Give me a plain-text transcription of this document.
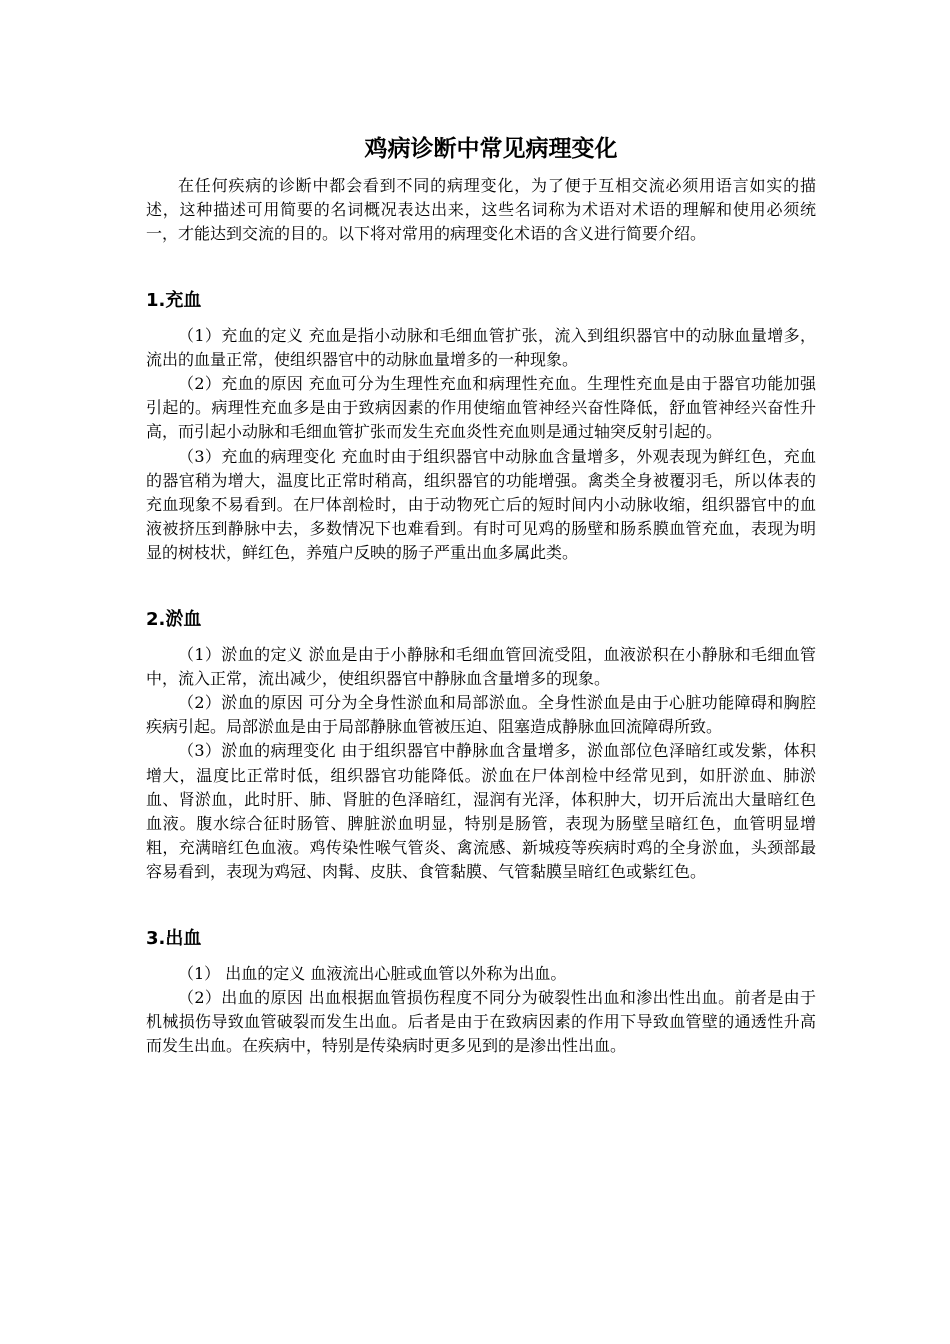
鸡病诊断中常见病理变化

在任何疾病的诊断中都会看到不同的病理变化，为了便于互相交流必须用语言如实的描述，这种描述可用简要的名词概况表达出来，这些名词称为术语对术语的理解和使用必须统一，才能达到交流的目的。以下将对常用的病理变化术语的含义进行简要介绍。

1.充血

（1）充血的定义 充血是指小动脉和毛细血管扩张，流入到组织器官中的动脉血量增多，流出的血量正常，使组织器官中的动脉血量增多的一种现象。

（2）充血的原因 充血可分为生理性充血和病理性充血。生理性充血是由于器官功能加强引起的。病理性充血多是由于致病因素的作用使缩血管神经兴奋性降低，舒血管神经兴奋性升高，而引起小动脉和毛细血管扩张而发生充血炎性充血则是通过轴突反射引起的。

（3）充血的病理变化 充血时由于组织器官中动脉血含量增多，外观表现为鲜红色，充血的器官稍为增大，温度比正常时稍高，组织器官的功能增强。禽类全身被覆羽毛，所以体表的充血现象不易看到。在尸体剖检时，由于动物死亡后的短时间内小动脉收缩，组织器官中的血液被挤压到静脉中去，多数情况下也难看到。有时可见鸡的肠壁和肠系膜血管充血，表现为明显的树枝状，鲜红色，养殖户反映的肠子严重出血多属此类。

2.淤血

（1）淤血的定义 淤血是由于小静脉和毛细血管回流受阻，血液淤积在小静脉和毛细血管中，流入正常，流出减少，使组织器官中静脉血含量增多的现象。

（2）淤血的原因 可分为全身性淤血和局部淤血。全身性淤血是由于心脏功能障碍和胸腔疾病引起。局部淤血是由于局部静脉血管被压迫、阻塞造成静脉血回流障碍所致。

（3）淤血的病理变化 由于组织器官中静脉血含量增多，淤血部位色泽暗红或发紫，体积增大，温度比正常时低，组织器官功能降低。淤血在尸体剖检中经常见到，如肝淤血、肺淤血、肾淤血，此时肝、肺、肾脏的色泽暗红，湿润有光泽，体积肿大，切开后流出大量暗红色血液。腹水综合征时肠管、脾脏淤血明显，特别是肠管，表现为肠壁呈暗红色，血管明显增粗，充满暗红色血液。鸡传染性喉气管炎、禽流感、新城疫等疾病时鸡的全身淤血，头颈部最容易看到，表现为鸡冠、肉髯、皮肤、食管黏膜、气管黏膜呈暗红色或紫红色。

3.出血

（1） 出血的定义 血液流出心脏或血管以外称为出血。

（2）出血的原因 出血根据血管损伤程度不同分为破裂性出血和渗出性出血。前者是由于机械损伤导致血管破裂而发生出血。后者是由于在致病因素的作用下导致血管壁的通透性升高而发生出血。在疾病中，特别是传染病时更多见到的是渗出性出血。
